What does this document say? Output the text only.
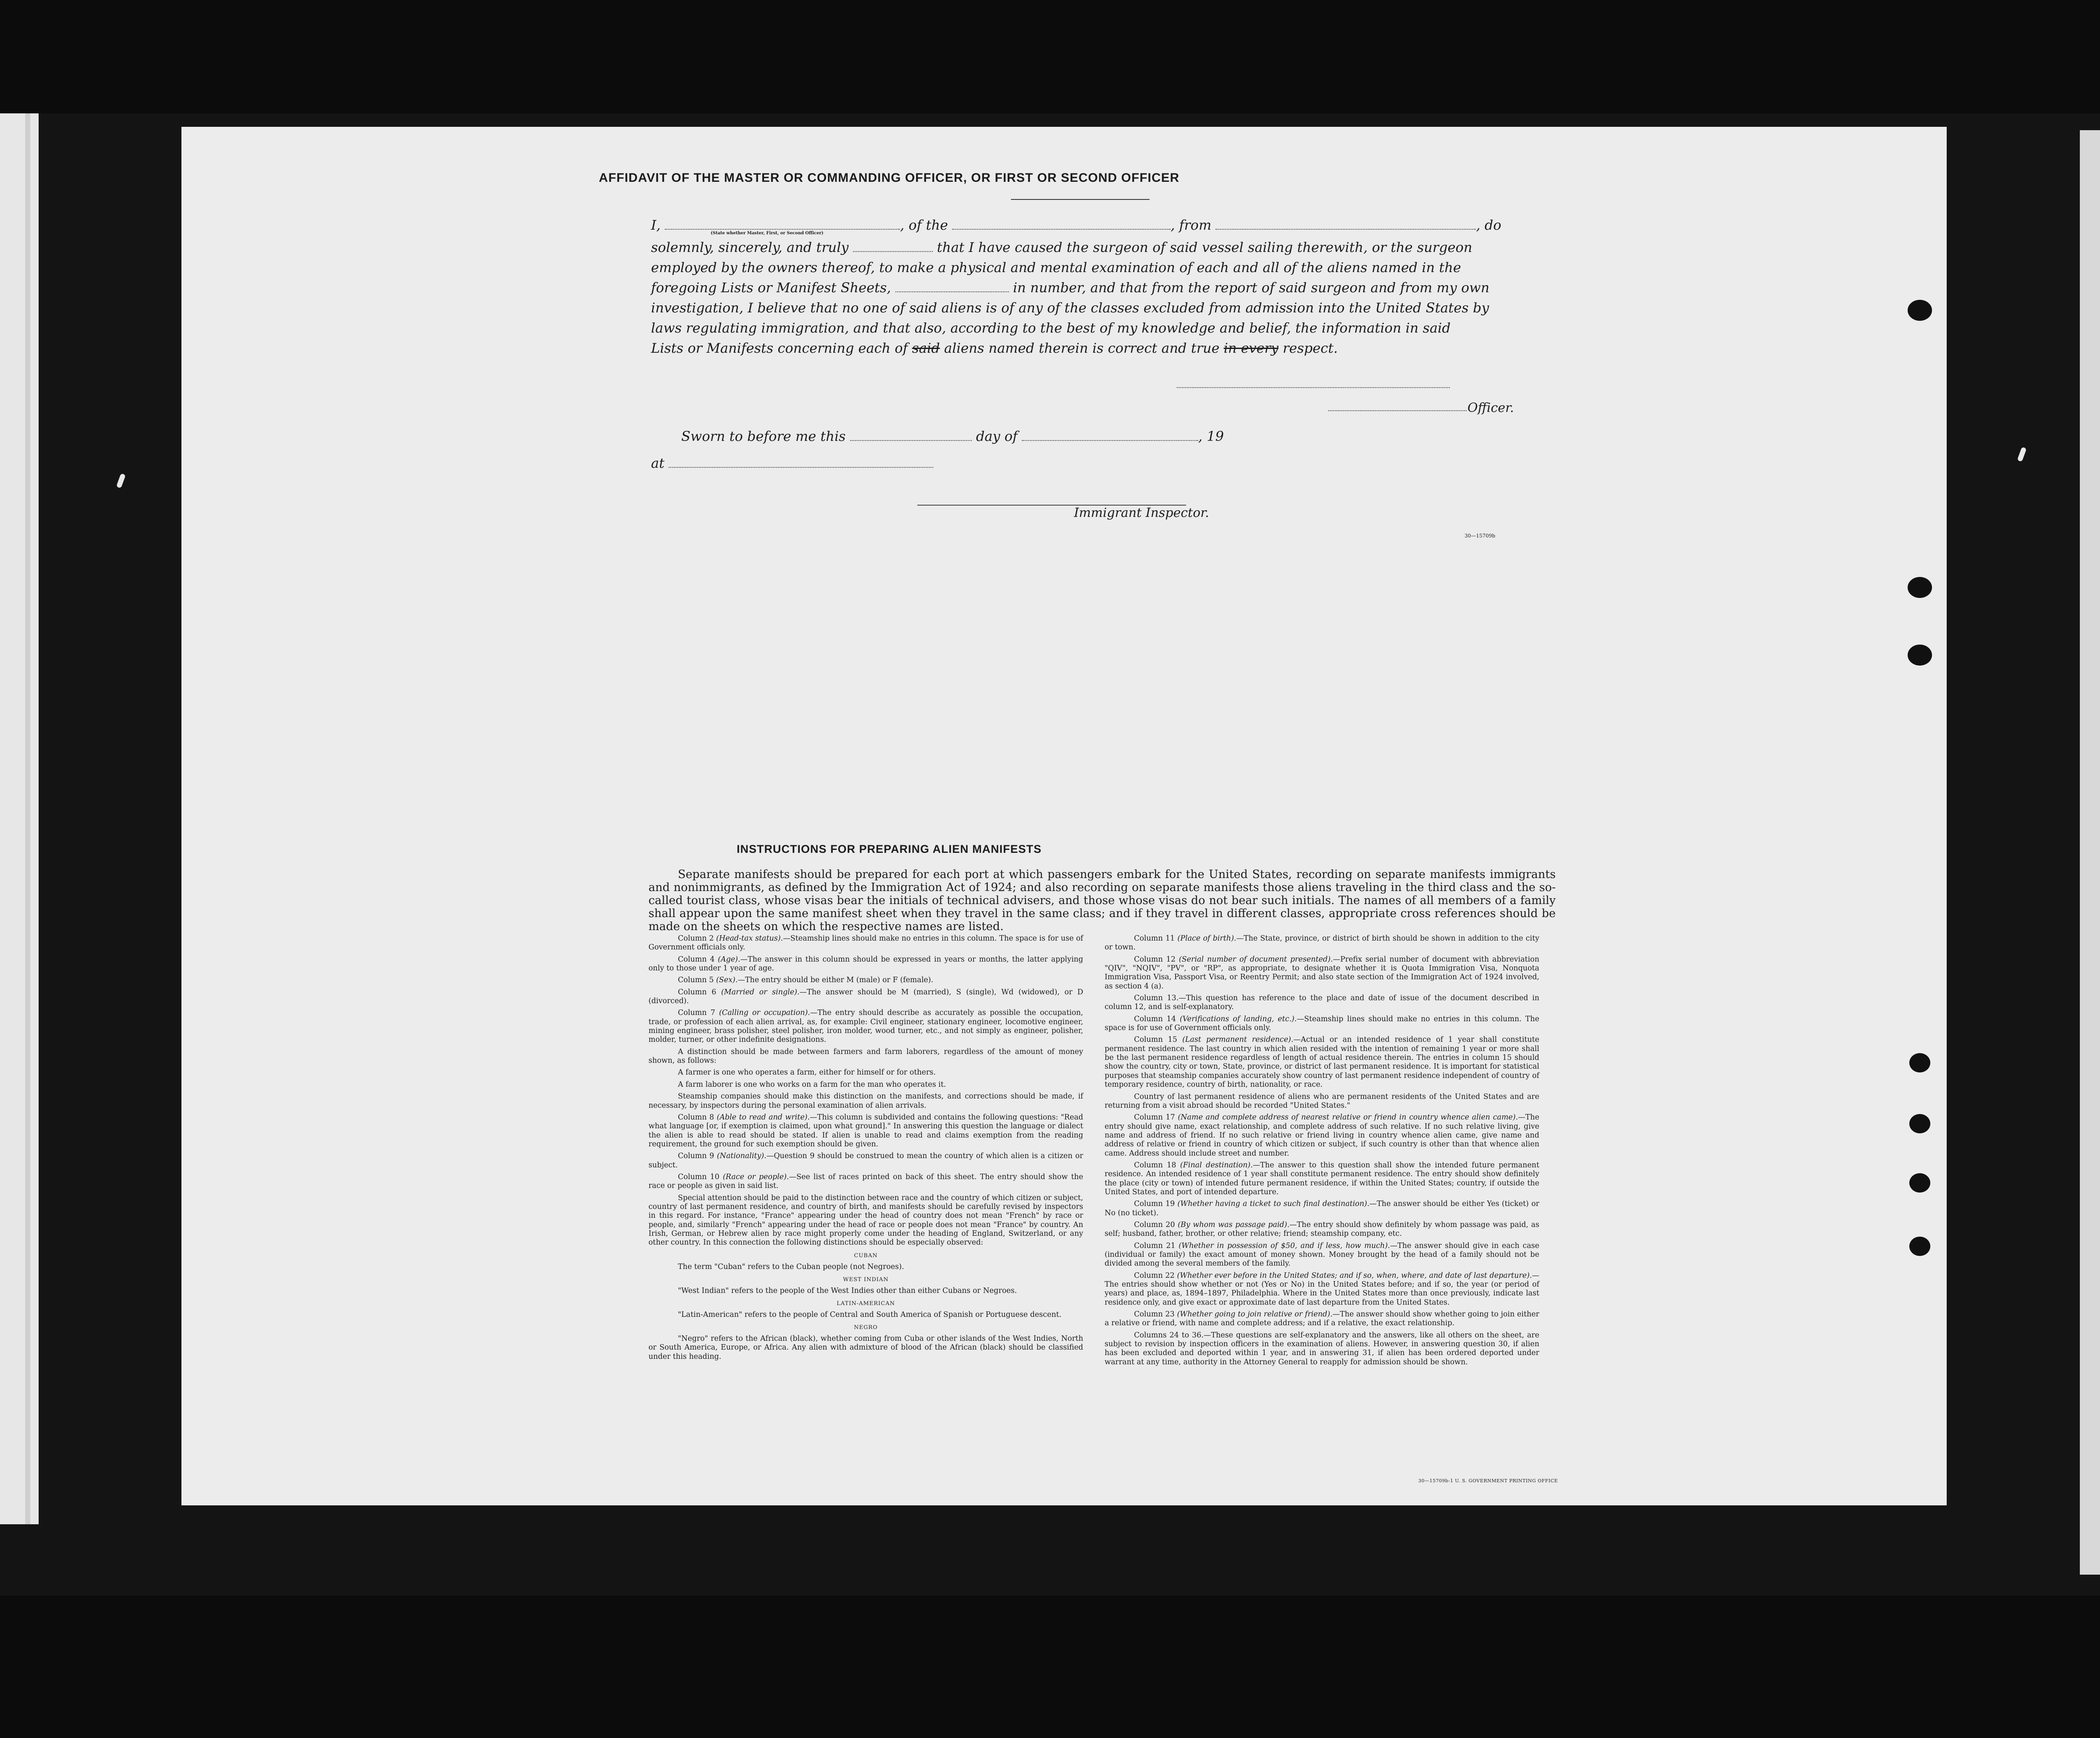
AFFIDAVIT OF THE MASTER OR COMMANDING OFFICER, OR FIRST OR SECOND OFFICER
I,	, of the	, from	, do
(State whether Master, First, or Second Officer)
solemnly, sincerely, and truly	that I have caused the surgeon of said vessel sailing therewith, or the surgeon
employed by the owners thereof, to make a physical and mental examination of each and all of the aliens named in the
foregoing Lists or Manifest Sheets,	in number, and that from the report of said surgeon and from my own
investigation, I believe that no one of said aliens is of any of the classes excluded from admission into the United States by
laws regulating immigration, and that also, according to the best of my knowledge and belief, the information in said
Lists or Manifests concerning each of said aliens named therein is correct and true in every respect.
Officer.
Sworn to before me this	day of	, 19
at
Immigrant Inspector.
30—15709b
INSTRUCTIONS FOR PREPARING ALIEN MANIFESTS
Separate manifests should be prepared for each port at which passengers embark for the United States, recording on separate manifests immigrants and nonimmigrants, as defined by the Immigration Act of 1924; and also recording on separate manifests those aliens traveling in the third class and the so-called tourist class, whose visas bear the initials of technical advisers, and those whose visas do not bear such initials. The names of all members of a family shall appear upon the same manifest sheet when they travel in the same class; and if they travel in different classes, appropriate cross references should be made on the sheets on which the respective names are listed.

Column 2 (Head-tax status).—Steamship lines should make no entries in this column. The space is for use of Government officials only.

Column 4 (Age).—The answer in this column should be expressed in years or months, the latter applying only to those under 1 year of age.

Column 5 (Sex).—The entry should be either M (male) or F (female).

Column 6 (Married or single).—The answer should be M (married), S (single), Wd (widowed), or D (divorced).

Column 7 (Calling or occupation).—The entry should describe as accurately as possible the occupation, trade, or profession of each alien arrival, as, for example: Civil engineer, stationary engineer, locomotive engineer, mining engineer, brass polisher, steel polisher, iron molder, wood turner, etc., and not simply as engineer, polisher, molder, turner, or other indefinite designations.

A distinction should be made between farmers and farm laborers, regardless of the amount of money shown, as follows:

A farmer is one who operates a farm, either for himself or for others.

A farm laborer is one who works on a farm for the man who operates it.

Steamship companies should make this distinction on the manifests, and corrections should be made, if necessary, by inspectors during the personal examination of alien arrivals.

Column 8 (Able to read and write).—This column is subdivided and contains the following questions: "Read what language [or, if exemption is claimed, upon what ground]." In answering this question the language or dialect the alien is able to read should be stated. If alien is unable to read and claims exemption from the reading requirement, the ground for such exemption should be given.

Column 9 (Nationality).—Question 9 should be construed to mean the country of which alien is a citizen or subject.

Column 10 (Race or people).—See list of races printed on back of this sheet. The entry should show the race or people as given in said list.

Special attention should be paid to the distinction between race and the country of which citizen or subject, country of last permanent residence, and country of birth, and manifests should be carefully revised by inspectors in this regard. For instance, "France" appearing under the head of country does not mean "French" by race or people, and, similarly "French" appearing under the head of race or people does not mean "France" by country. An Irish, German, or Hebrew alien by race might properly come under the heading of England, Switzerland, or any other country. In this connection the following distinctions should be especially observed:

CUBAN

The term "Cuban" refers to the Cuban people (not Negroes).

WEST INDIAN

"West Indian" refers to the people of the West Indies other than either Cubans or Negroes.

LATIN-AMERICAN

"Latin-American" refers to the people of Central and South America of Spanish or Portuguese descent.

NEGRO

"Negro" refers to the African (black), whether coming from Cuba or other islands of the West Indies, North or South America, Europe, or Africa. Any alien with admixture of blood of the African (black) should be classified under this heading.

Column 11 (Place of birth).—The State, province, or district of birth should be shown in addition to the city or town.

Column 12 (Serial number of document presented).—Prefix serial number of document with abbreviation "QIV", "NQIV", "PV", or "RP", as appropriate, to designate whether it is Quota Immigration Visa, Nonquota Immigration Visa, Passport Visa, or Reentry Permit; and also state section of the Immigration Act of 1924 involved, as section 4 (a).

Column 13.—This question has reference to the place and date of issue of the document described in column 12, and is self-explanatory.

Column 14 (Verifications of landing, etc.).—Steamship lines should make no entries in this column. The space is for use of Government officials only.

Column 15 (Last permanent residence).—Actual or an intended residence of 1 year shall constitute permanent residence. The last country in which alien resided with the intention of remaining 1 year or more shall be the last permanent residence regardless of length of actual residence therein. The entries in column 15 should show the country, city or town, State, province, or district of last permanent residence. It is important for statistical purposes that steamship companies accurately show country of last permanent residence independent of country of temporary residence, country of birth, nationality, or race.

Country of last permanent residence of aliens who are permanent residents of the United States and are returning from a visit abroad should be recorded "United States."

Column 17 (Name and complete address of nearest relative or friend in country whence alien came).—The entry should give name, exact relationship, and complete address of such relative. If no such relative living, give name and address of friend. If no such relative or friend living in country whence alien came, give name and address of relative or friend in country of which citizen or subject, if such country is other than that whence alien came. Address should include street and number.

Column 18 (Final destination).—The answer to this question shall show the intended future permanent residence. An intended residence of 1 year shall constitute permanent residence. The entry should show definitely the place (city or town) of intended future permanent residence, if within the United States; country, if outside the United States, and port of intended departure.

Column 19 (Whether having a ticket to such final destination).—The answer should be either Yes (ticket) or No (no ticket).

Column 20 (By whom was passage paid).—The entry should show definitely by whom passage was paid, as self; husband, father, brother, or other relative; friend; steamship company, etc.

Column 21 (Whether in possession of $50, and if less, how much).—The answer should give in each case (individual or family) the exact amount of money shown. Money brought by the head of a family should not be divided among the several members of the family.

Column 22 (Whether ever before in the United States; and if so, when, where, and date of last departure).—The entries should show whether or not (Yes or No) in the United States before; and if so, the year (or period of years) and place, as, 1894–1897, Philadelphia. Where in the United States more than once previously, indicate last residence only, and give exact or approximate date of last departure from the United States.

Column 23 (Whether going to join relative or friend).—The answer should show whether going to join either a relative or friend, with name and complete address; and if a relative, the exact relationship.

Columns 24 to 36.—These questions are self-explanatory and the answers, like all others on the sheet, are subject to revision by inspection officers in the examination of aliens. However, in answering question 30, if alien has been excluded and deported within 1 year, and in answering 31, if alien has been ordered deported under warrant at any time, authority in the Attorney General to reapply for admission should be shown.

30—15709b-1 U. S. GOVERNMENT PRINTING OFFICE
